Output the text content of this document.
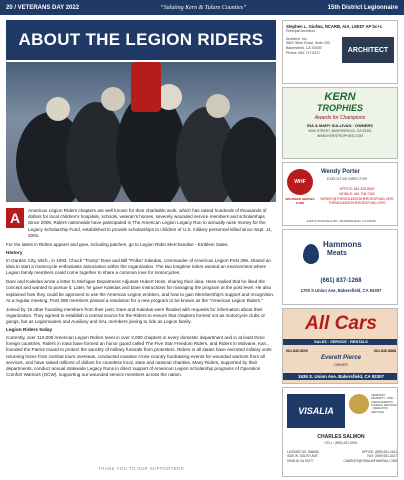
20 / VETERANS DAY 2022	“Saluting Kern & Tulare Counties”	15th District Legionnaire
ABOUT THE LEGION RIDERS
A	American Legion Riders chapters are well known for their charitable work, which has raised hundreds of thousands of dollars for local children's hospitals, schools, veteran's homes, severely wounded service members and scholarships. Since 2006, Riders nationwide have participated in The American Legion Legacy Run to annually raise money for the Legacy Scholarship Fund, established to provide scholarships to children of U.S. military personnel killed since Sept. 11, 2001.

For the latest in Riders apparel and gear, including patches, go to Legion Rider Merchandise - Emblem Sales.

History

In Garden City, Mich., in 1993, Chuck "Tramp" Dare and Bill "Polka" Kaledas, commander of American Legion Post 396, shared an idea to start a motorcycle enthusiasts association within the organization. The two longtime riders wanted an environment where Legion family members could come together to share a common love for motorcycles.

Dare and Kaledas wrote a letter to Michigan Department Adjutant Hubert Hess, sharing their idea. Hess replied that he liked the concept and wanted to pursue it. Later, he gave Kaledas and Dare instructions for managing the program at the post level. He also explained how they could be approved to use the American Legion emblem, and how to gain Membership's support and recognition. At a regular meeting, Post 396 members passed a resolution for a new program to be known as the "American Legion Riders."

Joined by 19 other founding members from their post, Dare and Kaledas were flooded with requests for information about their organization. They agreed to establish a central source for the Riders to ensure that chapters formed not as motorcycle clubs or gangs, but as Legionnaires and Auxiliary and SAL members joining to ride as Legion family.

Legion Riders today

Currently, over 110,000 American Legion Riders meet in over 2,000 chapters in every domestic department and in at least three foreign countries. Riders in Iowa have formed an honor guard called The Five Star Freedom Riders, and Riders in Mulvane, Kan., founded the Patriot Guard to protect the sanctity of military funerals from protesters. Riders in all states have escorted military units returning home from combat tours overseas, conducted massive cross-country fundraising events for wounded warriors from all services, and have raised millions of dollars for countless local, state and national charities. Many Riders, supported by their departments, conduct annual statewide Legacy Runs in direct support of American Legion scholarship programs of Operation Comfort Warriors (OCW), supporting our wounded service members across the nation.

THANK YOU TO OUR SUPPORTERS
Stephen L. Giufwa, NCARB, AIA, LEED* AP bc+c
Principal Architect
Architect, Inc.
5601 Stine Road, Suite 200
Bakersfield, CA 93309
Phone: 661.717.6227	ARCHITECT
KERN
TROPHIES
Awards for Champions
IRA & MARY SULLIVAN · OWNERS
3000 STREET, BAKERSFIELD, CA 93301
WWW.KERNTROPHIES.COM
WHF
WOUNDED HEROES FUND
Wendy Porter
EXECUTIVE DIRECTOR
OFFICE: 661.328.8600
MOBILE: 661.706.7452
WENDY@THEWOUNDEDHEROESFUND.ORG
THEWOUNDEDHEROESFUND.ORG
4128 STOCKDALE RD., BAKERSFIELD, CA 93308
Hammons
Meats
(661) 837-1268
1700 S Union Ave, Bakersfield, CA 93307
All Cars
SALES · SERVICE · RENTALS
661.836.5600	661.836.8888
Everett Pierce
OWNER
1636 S. Union Ave. Bakersfield, CA 93307
VISALIA
CEMETERY PROPERTY · PRE-ARRANGEMENTS · FUNERAL SERVICES · CREMATION SERVICES
CHARLES SALMON
CELL: (559) 697-0891
LICENSE NO. 584056
4025 W. SOUTH AVE.
VISALIA CA 93277
OFFICE: (559) 651-1641
FAX: (559) 651-3317
CHARLES@VISALIAFUNERAL.COM
